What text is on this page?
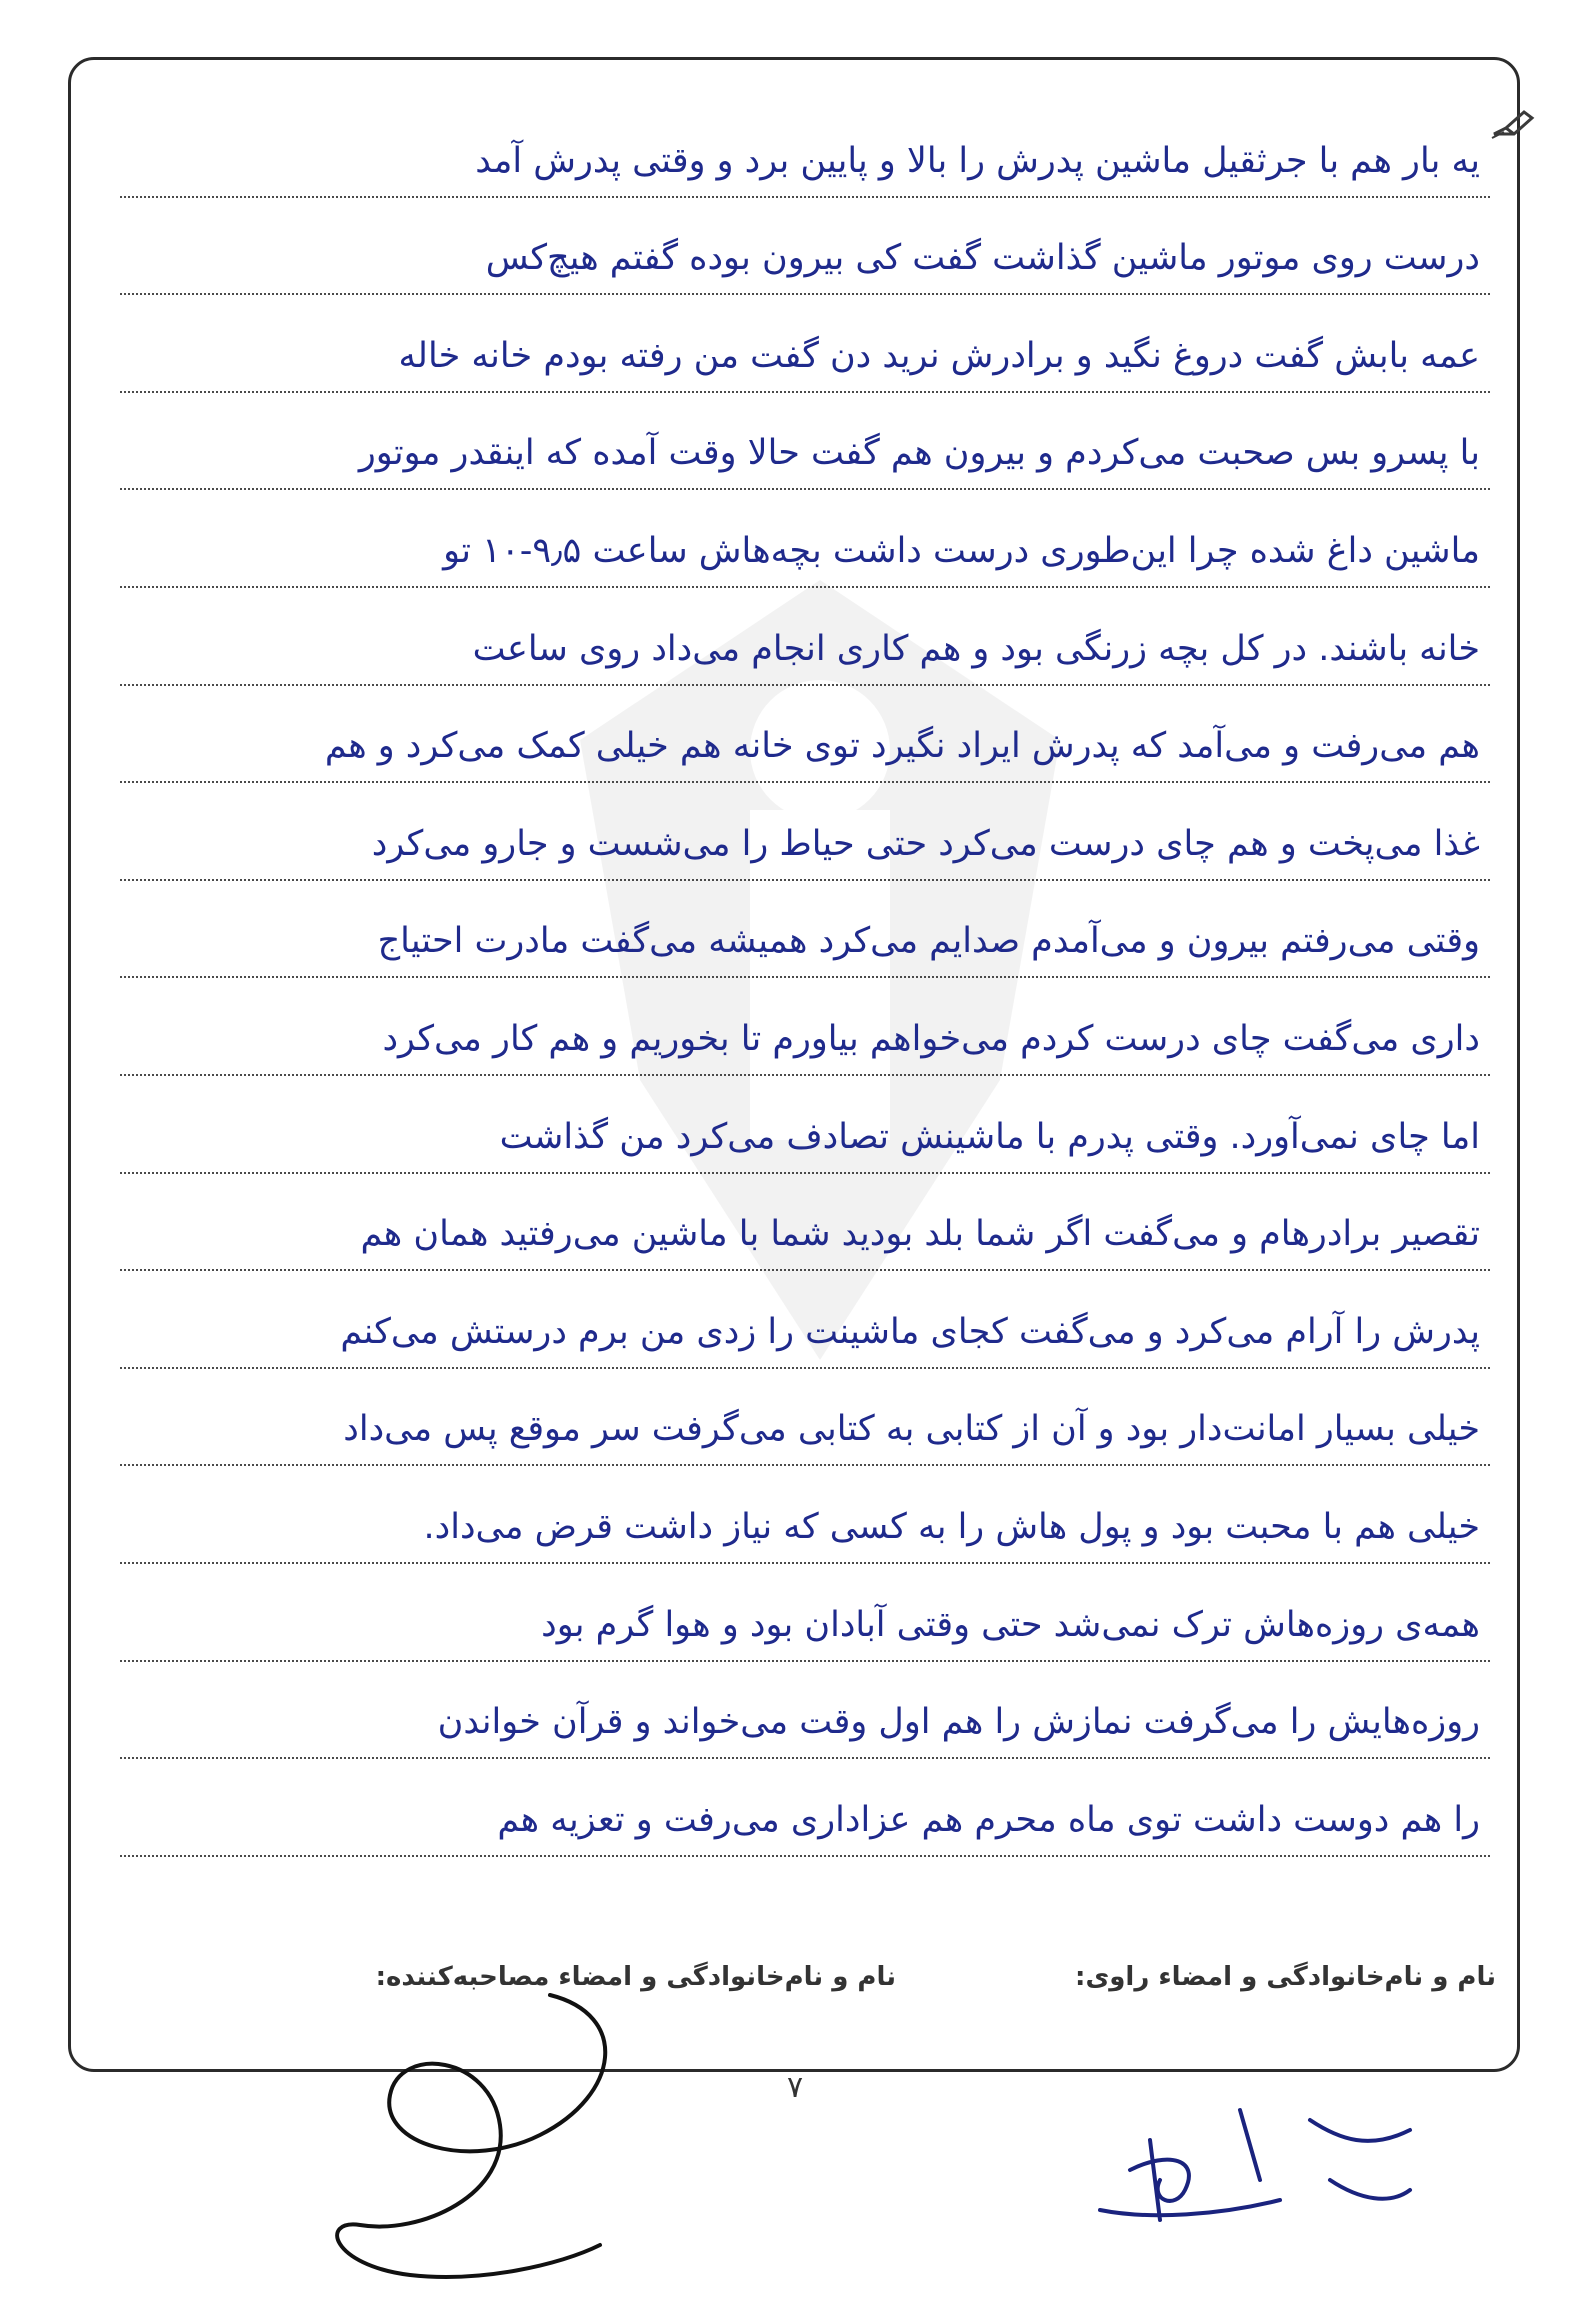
یه بار هم با جرثقیل ماشین پدرش را بالا و پایین برد و وقتی پدرش آمد
درست روی موتور ماشین گذاشت گفت کی بیرون بوده گفتم هیچ‌کس
عمه بابش گفت دروغ نگید و برادرش نرید دن گفت من رفته بودم خانه خاله
با پسرو بس صحبت می‌کردم و بیرون هم گفت حالا وقت آمده که اینقدر موتور
ماشین داغ شده چرا این‌طوری درست داشت بچه‌هاش ساعت ۹٫۵-۱۰ تو
خانه باشند. در کل بچه زرنگی بود و هم کاری انجام می‌داد روی ساعت
هم می‌رفت و می‌آمد که پدرش ایراد نگیرد توی خانه هم خیلی کمک می‌کرد و هم
غذا می‌پخت و هم چای درست می‌کرد حتی حیاط را می‌شست و جارو می‌کرد
وقتی می‌رفتم بیرون و می‌آمدم صدایم می‌کرد همیشه می‌گفت مادرت احتیاج
داری می‌گفت چای درست کردم می‌خواهم بیاورم تا بخوریم و هم کار می‌کرد
اما چای نمی‌آورد. وقتی پدرم با ماشینش تصادف می‌کرد من گذاشت
تقصیر برادرهام و می‌گفت اگر شما بلد بودید شما با ماشین می‌رفتید همان هم
پدرش را آرام می‌کرد و می‌گفت کجای ماشینت را زدی من برم درستش می‌کنم
خیلی بسیار امانت‌دار بود و آن از کتابی به کتابی می‌گرفت سر موقع پس می‌داد
خیلی هم با محبت بود و پول هاش را به کسی که نیاز داشت قرض می‌داد.
همه‌ی روزه‌هاش ترک نمی‌شد حتی وقتی آبادان بود و هوا گرم بود
روزه‌هایش را می‌گرفت نمازش را هم اول وقت می‌خواند و قرآن خواندن
را هم دوست داشت توی ماه محرم هم عزاداری می‌رفت و تعزیه هم
نام و نام‌خانوادگی و امضاء راوی:
نام و نام‌خانوادگی و امضاء مصاحبه‌کننده:
۷
